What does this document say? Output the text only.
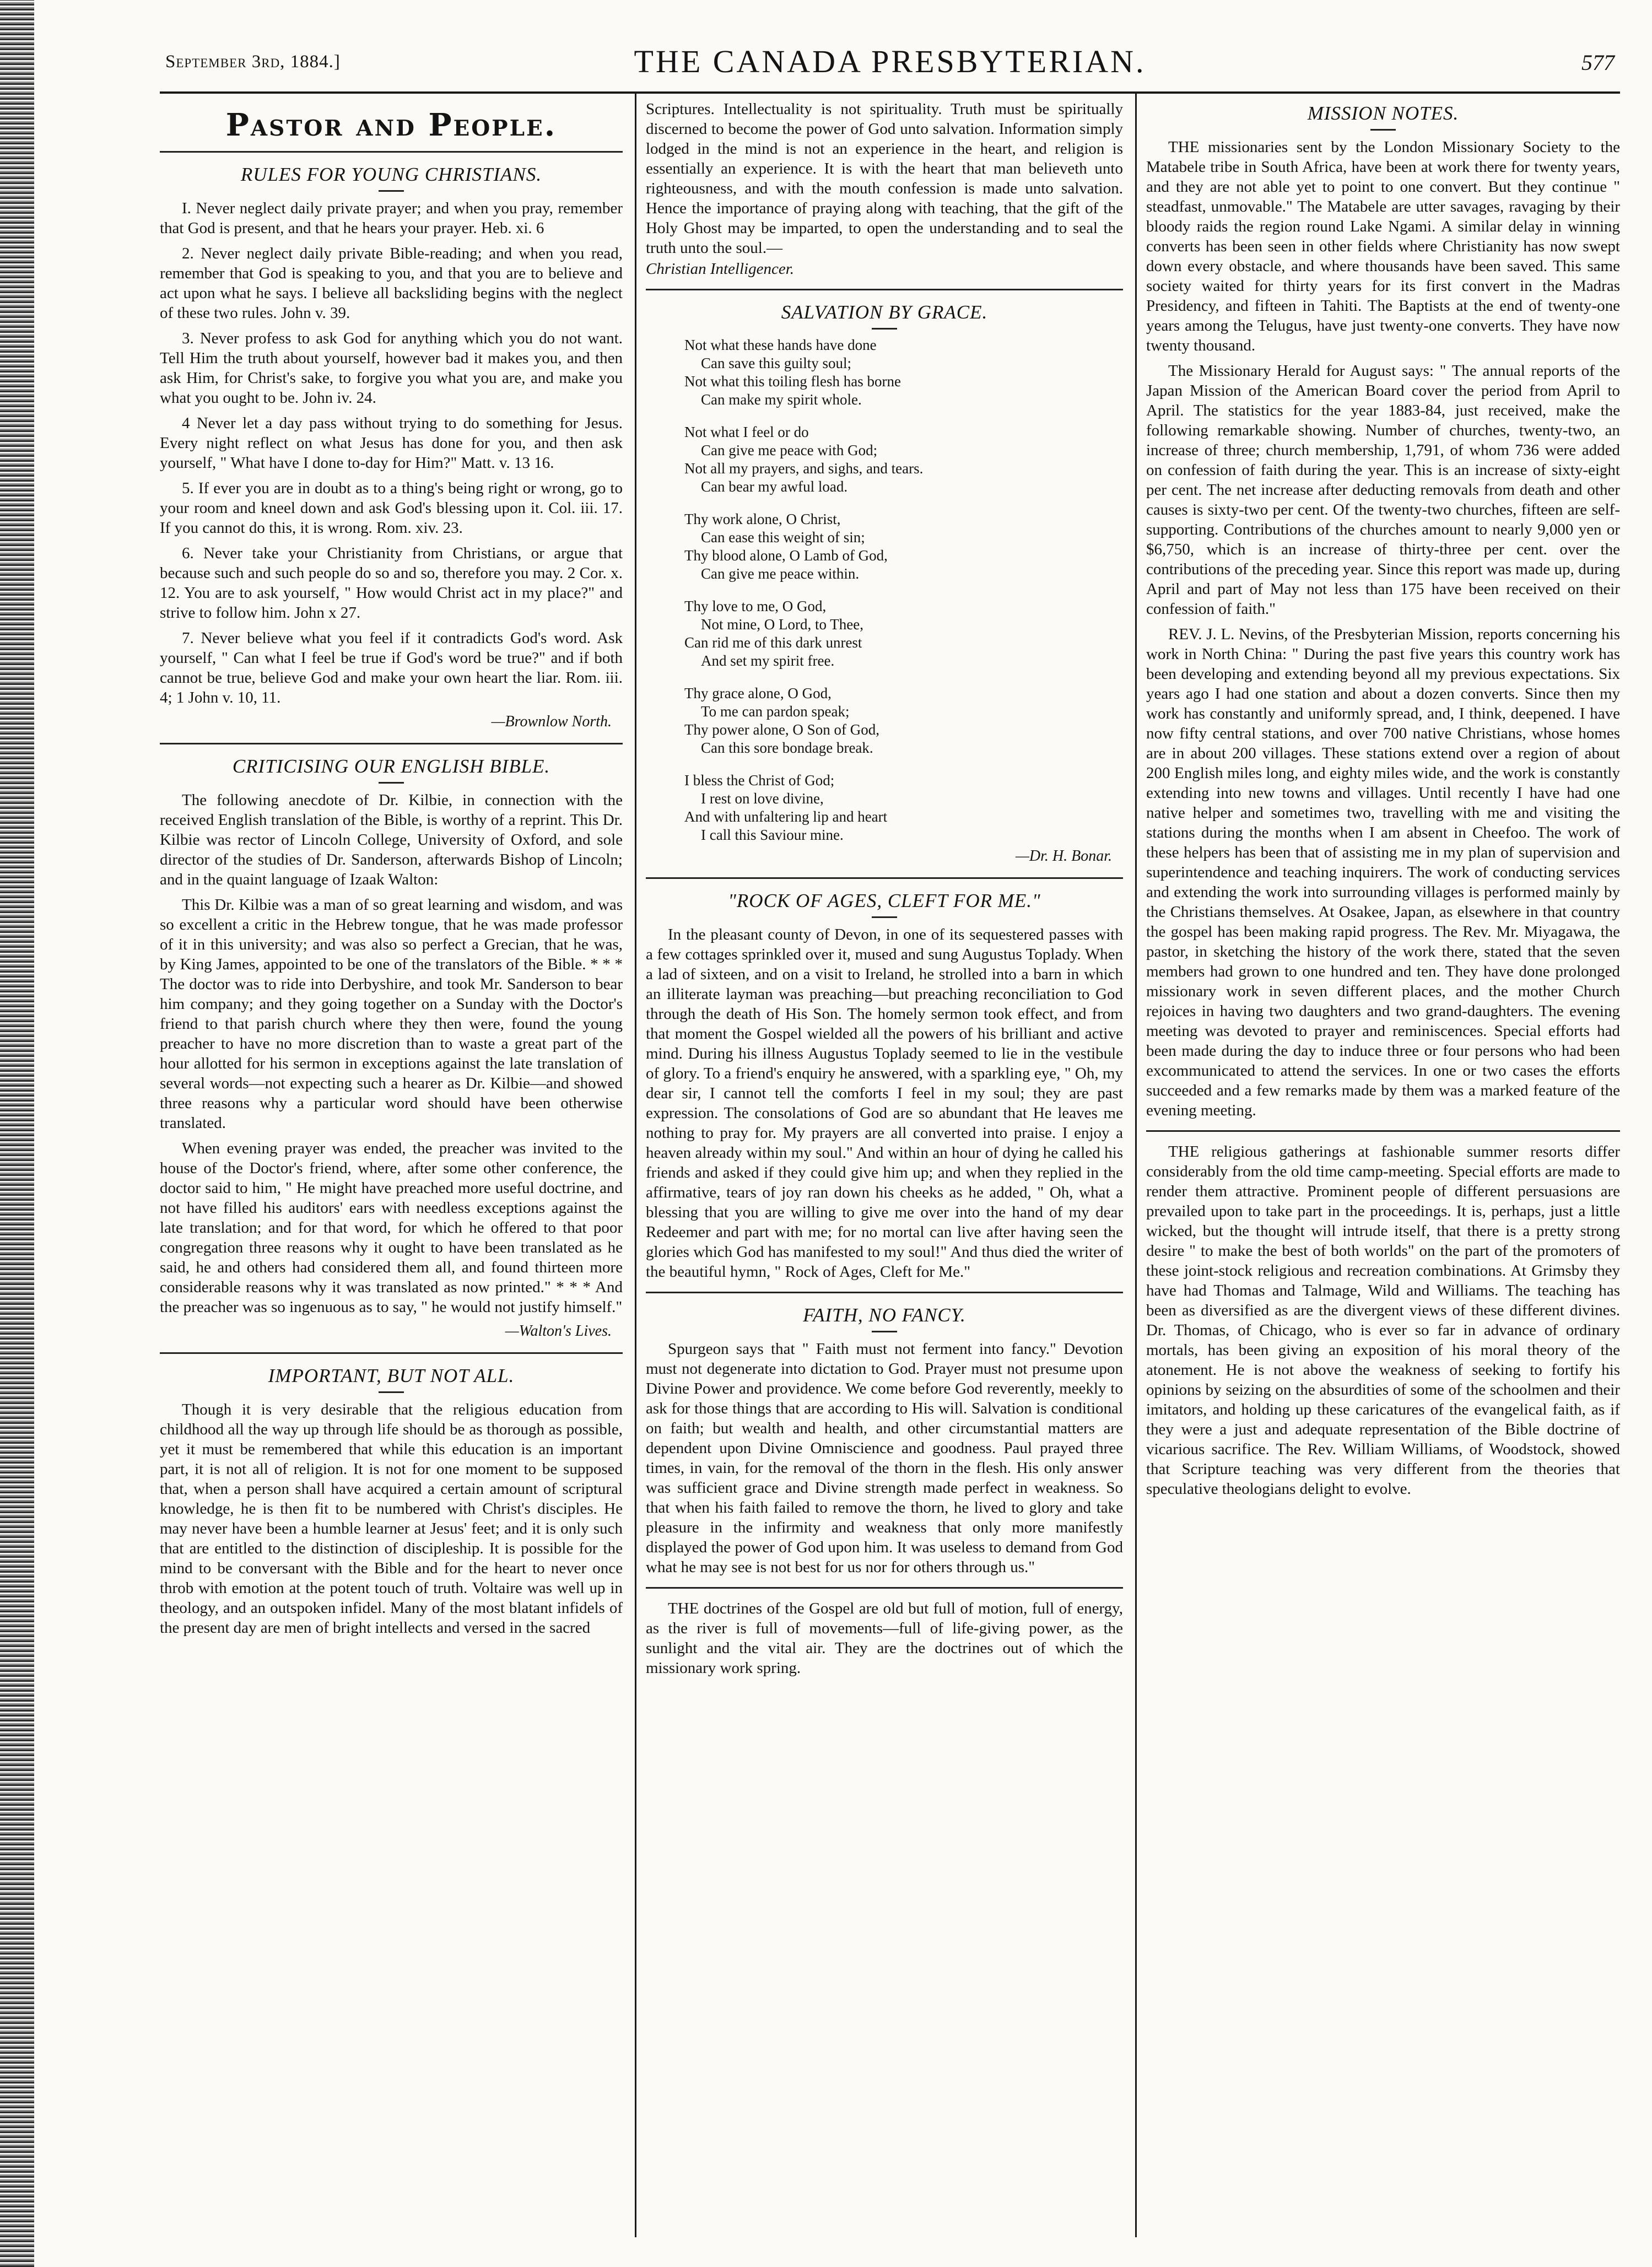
September 3rd, 1884.]	THE CANADA PRESBYTERIAN.	577
Pastor and People.
RULES FOR YOUNG CHRISTIANS.

I. Never neglect daily private prayer; and when you pray, remember that God is present, and that he hears your prayer. Heb. xi. 6

2. Never neglect daily private Bible-reading; and when you read, remember that God is speaking to you, and that you are to believe and act upon what he says. I believe all backsliding begins with the neglect of these two rules. John v. 39.

3. Never profess to ask God for anything which you do not want. Tell Him the truth about yourself, however bad it makes you, and then ask Him, for Christ's sake, to forgive you what you are, and make you what you ought to be. John iv. 24.

4 Never let a day pass without trying to do something for Jesus. Every night reflect on what Jesus has done for you, and then ask yourself, " What have I done to-day for Him?" Matt. v. 13 16.

5. If ever you are in doubt as to a thing's being right or wrong, go to your room and kneel down and ask God's blessing upon it. Col. iii. 17. If you cannot do this, it is wrong. Rom. xiv. 23.

6. Never take your Christianity from Christians, or argue that because such and such people do so and so, therefore you may. 2 Cor. x. 12. You are to ask yourself, " How would Christ act in my place?" and strive to follow him. John x 27.

7. Never believe what you feel if it contradicts God's word. Ask yourself, " Can what I feel be true if God's word be true?" and if both cannot be true, believe God and make your own heart the liar. Rom. iii. 4; 1 John v. 10, 11.

—Brownlow North.
CRITICISING OUR ENGLISH BIBLE.

The following anecdote of Dr. Kilbie, in connection with the received English translation of the Bible, is worthy of a reprint. This Dr. Kilbie was rector of Lincoln College, University of Oxford, and sole director of the studies of Dr. Sanderson, afterwards Bishop of Lincoln; and in the quaint language of Izaak Walton:

This Dr. Kilbie was a man of so great learning and wisdom, and was so excellent a critic in the Hebrew tongue, that he was made professor of it in this university; and was also so perfect a Grecian, that he was, by King James, appointed to be one of the translators of the Bible. * * * The doctor was to ride into Derbyshire, and took Mr. Sanderson to bear him company; and they going together on a Sunday with the Doctor's friend to that parish church where they then were, found the young preacher to have no more discretion than to waste a great part of the hour allotted for his sermon in exceptions against the late translation of several words—not expecting such a hearer as Dr. Kilbie—and showed three reasons why a particular word should have been otherwise translated.

When evening prayer was ended, the preacher was invited to the house of the Doctor's friend, where, after some other conference, the doctor said to him, " He might have preached more useful doctrine, and not have filled his auditors' ears with needless exceptions against the late translation; and for that word, for which he offered to that poor congregation three reasons why it ought to have been translated as he said, he and others had considered them all, and found thirteen more considerable reasons why it was translated as now printed." * * * And the preacher was so ingenuous as to say, " he would not justify himself."

—Walton's Lives.
IMPORTANT, BUT NOT ALL.

Though it is very desirable that the religious education from childhood all the way up through life should be as thorough as possible, yet it must be remembered that while this education is an important part, it is not all of religion. It is not for one moment to be supposed that, when a person shall have acquired a certain amount of scriptural knowledge, he is then fit to be numbered with Christ's disciples. He may never have been a humble learner at Jesus' feet; and it is only such that are entitled to the distinction of discipleship. It is possible for the mind to be conversant with the Bible and for the heart to never once throb with emotion at the potent touch of truth. Voltaire was well up in theology, and an outspoken infidel. Many of the most blatant infidels of the present day are men of bright intellects and versed in the sacred

Scriptures. Intellectuality is not spirituality. Truth must be spiritually discerned to become the power of God unto salvation. Information simply lodged in the mind is not an experience in the heart, and religion is essentially an experience. It is with the heart that man believeth unto righteousness, and with the mouth confession is made unto salvation. Hence the importance of praying along with teaching, that the gift of the Holy Ghost may be imparted, to open the understanding and to seal the truth unto the soul.—

Christian Intelligencer.

SALVATION BY GRACE.
Not what these hands have done
Can save this guilty soul;
Not what this toiling flesh has borne
Can make my spirit whole.
Not what I feel or do
Can give me peace with God;
Not all my prayers, and sighs, and tears.
Can bear my awful load.
Thy work alone, O Christ,
Can ease this weight of sin;
Thy blood alone, O Lamb of God,
Can give me peace within.
Thy love to me, O God,
Not mine, O Lord, to Thee,
Can rid me of this dark unrest
And set my spirit free.
Thy grace alone, O God,
To me can pardon speak;
Thy power alone, O Son of God,
Can this sore bondage break.
I bless the Christ of God;
I rest on love divine,
And with unfaltering lip and heart
I call this Saviour mine.
—Dr. H. Bonar.
"ROCK OF AGES, CLEFT FOR ME."

In the pleasant county of Devon, in one of its sequestered passes with a few cottages sprinkled over it, mused and sung Augustus Toplady. When a lad of sixteen, and on a visit to Ireland, he strolled into a barn in which an illiterate layman was preaching—but preaching reconciliation to God through the death of His Son. The homely sermon took effect, and from that moment the Gospel wielded all the powers of his brilliant and active mind. During his illness Augustus Toplady seemed to lie in the vestibule of glory. To a friend's enquiry he answered, with a sparkling eye, " Oh, my dear sir, I cannot tell the comforts I feel in my soul; they are past expression. The consolations of God are so abundant that He leaves me nothing to pray for. My prayers are all converted into praise. I enjoy a heaven already within my soul." And within an hour of dying he called his friends and asked if they could give him up; and when they replied in the affirmative, tears of joy ran down his cheeks as he added, " Oh, what a blessing that you are willing to give me over into the hand of my dear Redeemer and part with me; for no mortal can live after having seen the glories which God has manifested to my soul!" And thus died the writer of the beautiful hymn, " Rock of Ages, Cleft for Me."

FAITH, NO FANCY.

Spurgeon says that " Faith must not ferment into fancy." Devotion must not degenerate into dictation to God. Prayer must not presume upon Divine Power and providence. We come before God reverently, meekly to ask for those things that are according to His will. Salvation is conditional on faith; but wealth and health, and other circumstantial matters are dependent upon Divine Omniscience and goodness. Paul prayed three times, in vain, for the removal of the thorn in the flesh. His only answer was sufficient grace and Divine strength made perfect in weakness. So that when his faith failed to remove the thorn, he lived to glory and take pleasure in the infirmity and weakness that only more manifestly displayed the power of God upon him. It was useless to demand from God what he may see is not best for us nor for others through us."

THE doctrines of the Gospel are old but full of motion, full of energy, as the river is full of movements—full of life-giving power, as the sunlight and the vital air. They are the doctrines out of which the missionary work spring.

MISSION NOTES.

THE missionaries sent by the London Missionary Society to the Matabele tribe in South Africa, have been at work there for twenty years, and they are not able yet to point to one convert. But they continue " steadfast, unmovable." The Matabele are utter savages, ravaging by their bloody raids the region round Lake Ngami. A similar delay in winning converts has been seen in other fields where Christianity has now swept down every obstacle, and where thousands have been saved. This same society waited for thirty years for its first convert in the Madras Presidency, and fifteen in Tahiti. The Baptists at the end of twenty-one years among the Telugus, have just twenty-one converts. They have now twenty thousand.

The Missionary Herald for August says: " The annual reports of the Japan Mission of the American Board cover the period from April to April. The statistics for the year 1883-84, just received, make the following remarkable showing. Number of churches, twenty-two, an increase of three; church membership, 1,791, of whom 736 were added on confession of faith during the year. This is an increase of sixty-eight per cent. The net increase after deducting removals from death and other causes is sixty-two per cent. Of the twenty-two churches, fifteen are self-supporting. Contributions of the churches amount to nearly 9,000 yen or $6,750, which is an increase of thirty-three per cent. over the contributions of the preceding year. Since this report was made up, during April and part of May not less than 175 have been received on their confession of faith."

REV. J. L. Nevins, of the Presbyterian Mission, reports concerning his work in North China: " During the past five years this country work has been developing and extending beyond all my previous expectations. Six years ago I had one station and about a dozen converts. Since then my work has constantly and uniformly spread, and, I think, deepened. I have now fifty central stations, and over 700 native Christians, whose homes are in about 200 villages. These stations extend over a region of about 200 English miles long, and eighty miles wide, and the work is constantly extending into new towns and villages. Until recently I have had one native helper and sometimes two, travelling with me and visiting the stations during the months when I am absent in Cheefoo. The work of these helpers has been that of assisting me in my plan of supervision and superintendence and teaching inquirers. The work of conducting services and extending the work into surrounding villages is performed mainly by the Christians themselves. At Osakee, Japan, as elsewhere in that country the gospel has been making rapid progress. The Rev. Mr. Miyagawa, the pastor, in sketching the history of the work there, stated that the seven members had grown to one hundred and ten. They have done prolonged missionary work in seven different places, and the mother Church rejoices in having two daughters and two grand-daughters. The evening meeting was devoted to prayer and reminiscences. Special efforts had been made during the day to induce three or four persons who had been excommunicated to attend the services. In one or two cases the efforts succeeded and a few remarks made by them was a marked feature of the evening meeting.

THE religious gatherings at fashionable summer resorts differ considerably from the old time camp-meeting. Special efforts are made to render them attractive. Prominent people of different persuasions are prevailed upon to take part in the proceedings. It is, perhaps, just a little wicked, but the thought will intrude itself, that there is a pretty strong desire " to make the best of both worlds" on the part of the promoters of these joint-stock religious and recreation combinations. At Grimsby they have had Thomas and Talmage, Wild and Williams. The teaching has been as diversified as are the divergent views of these different divines. Dr. Thomas, of Chicago, who is ever so far in advance of ordinary mortals, has been giving an exposition of his moral theory of the atonement. He is not above the weakness of seeking to fortify his opinions by seizing on the absurdities of some of the schoolmen and their imitators, and holding up these caricatures of the evangelical faith, as if they were a just and adequate representation of the Bible doctrine of vicarious sacrifice. The Rev. William Williams, of Woodstock, showed that Scripture teaching was very different from the theories that speculative theologians delight to evolve.
